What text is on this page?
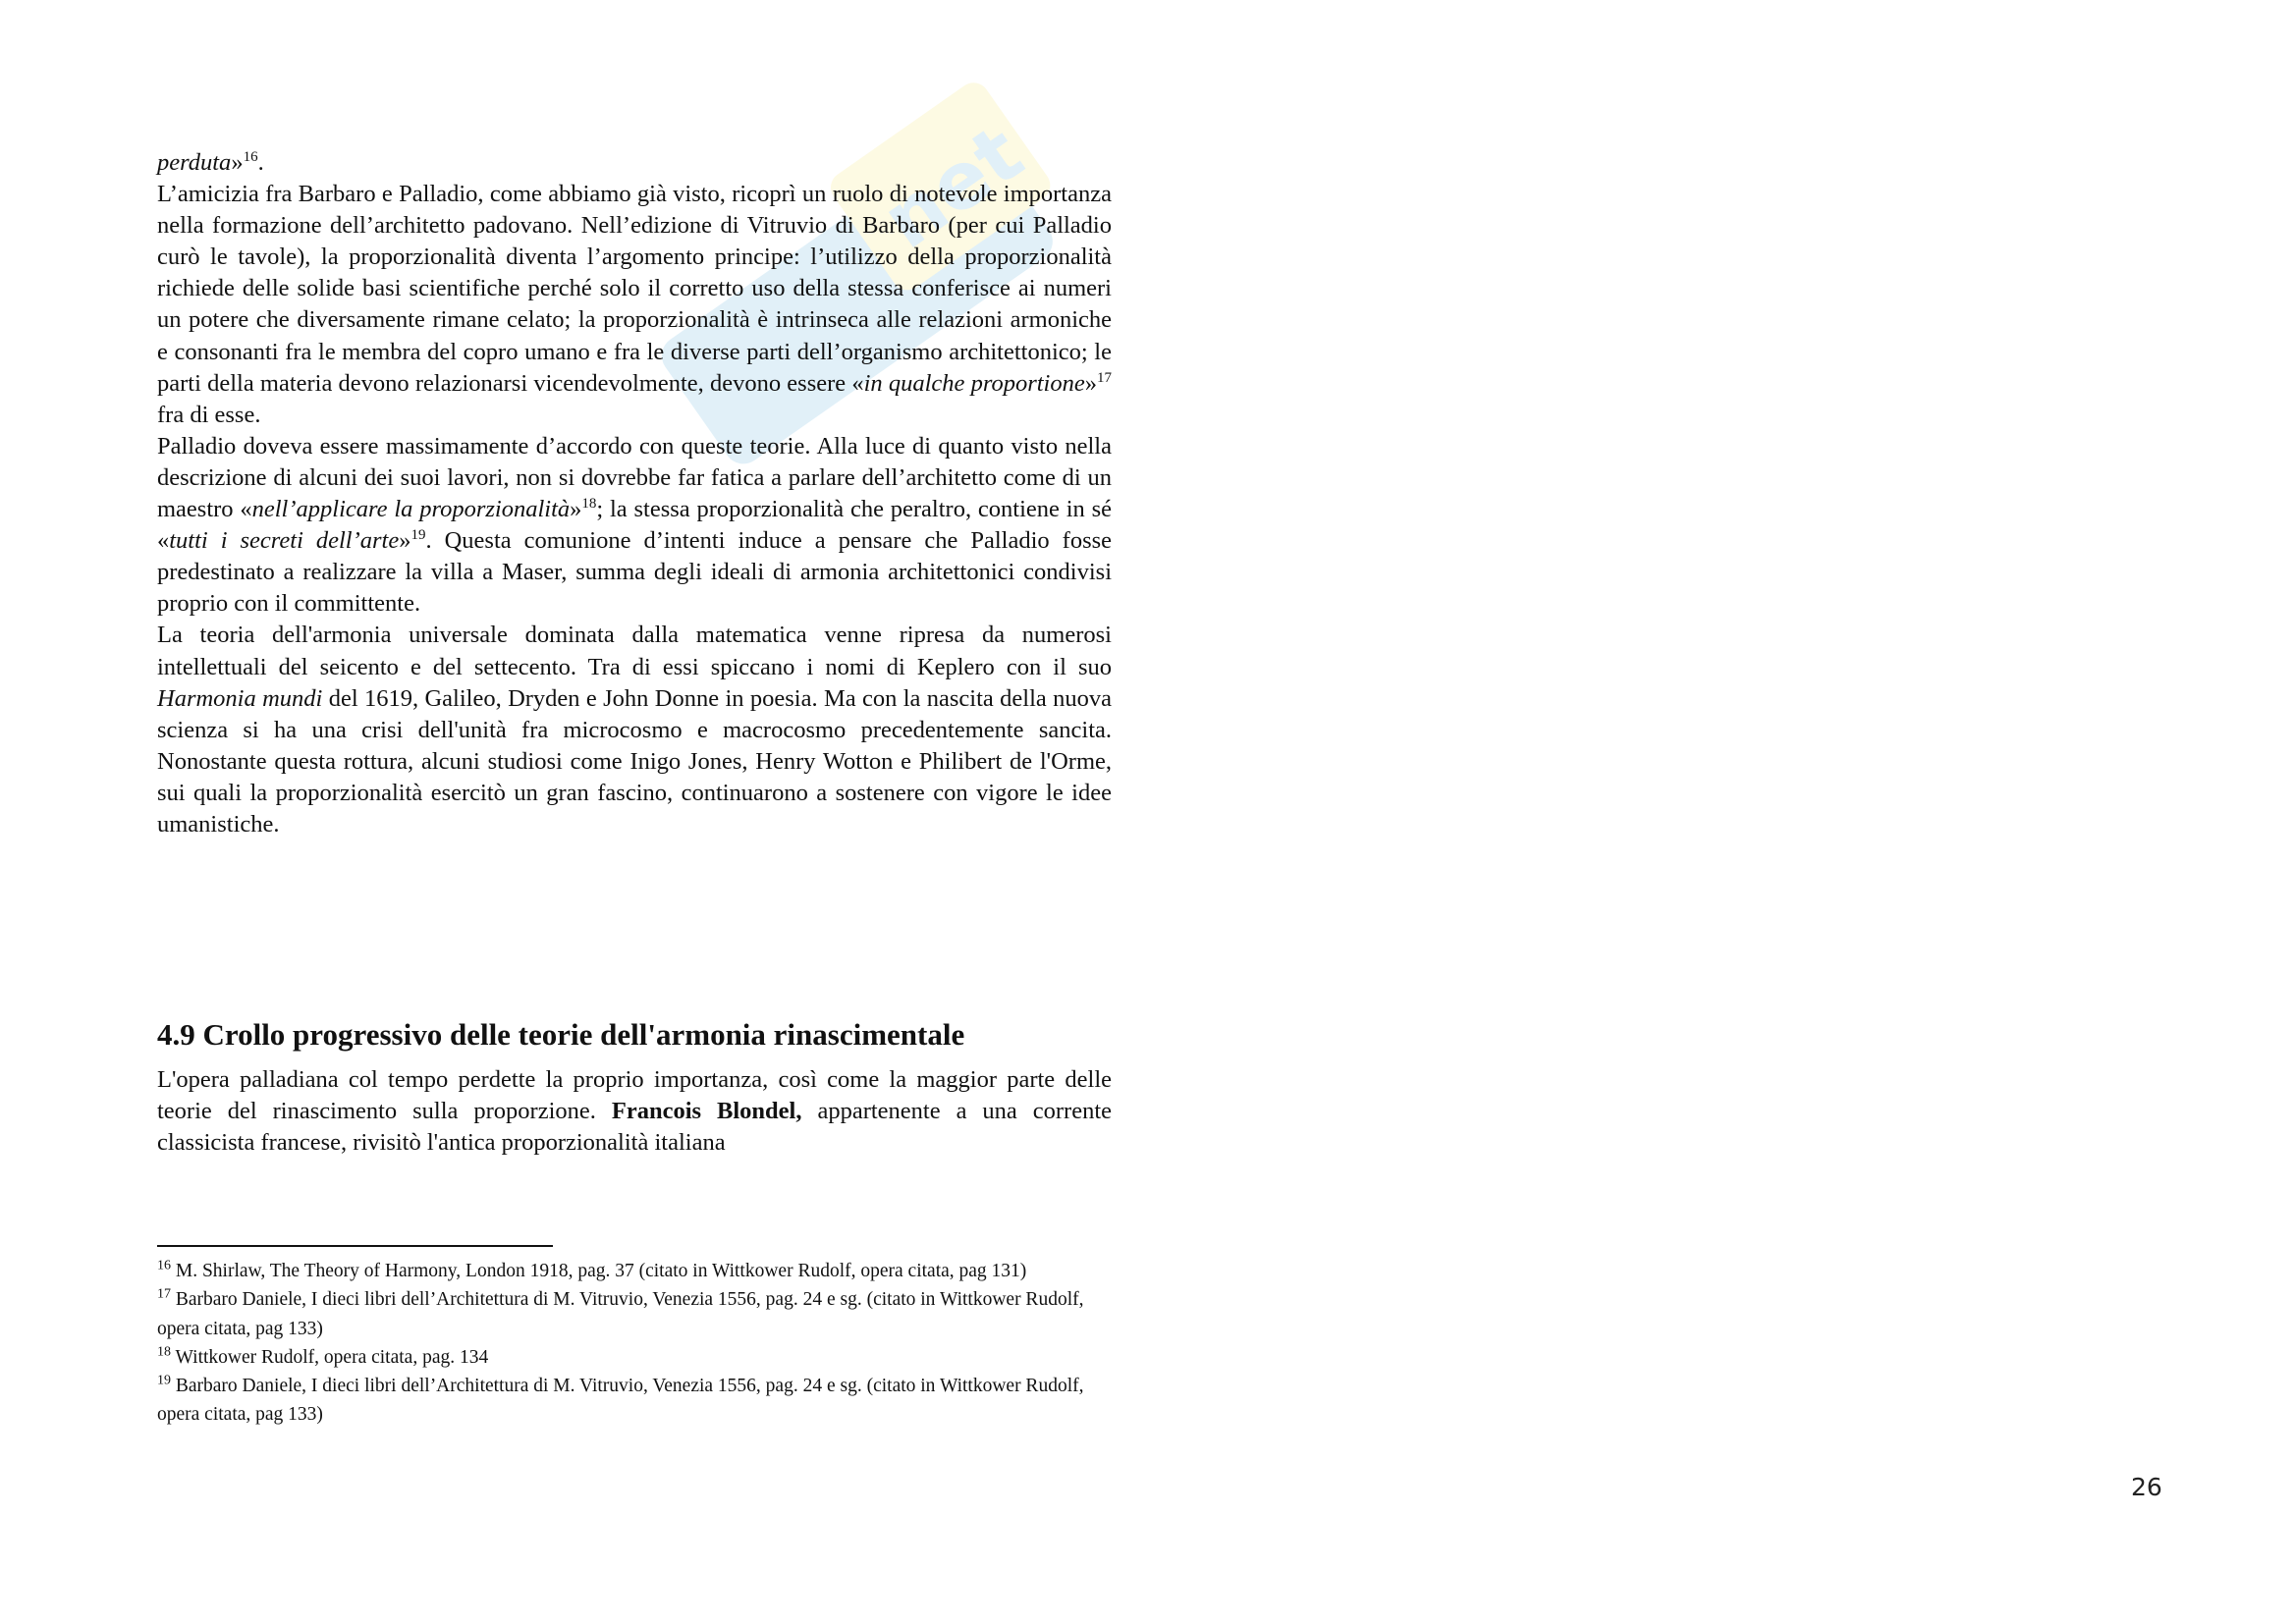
net

perduta»$^{16}$.

L’amicizia fra Barbaro e Palladio, come abbiamo già visto, ricoprì un ruolo di notevole importanza nella formazione dell’architetto padovano. Nell’edizione di Vitruvio di Barbaro (per cui Palladio curò le tavole), la proporzionalità diventa l’argomento principe: l’utilizzo della proporzionalità richiede delle solide basi scientifiche perché solo il corretto uso della stessa conferisce ai numeri un potere che diversamente rimane celato; la proporzionalità è intrinseca alle relazioni armoniche e consonanti fra le membra del copro umano e fra le diverse parti dell’organismo architettonico; le parti della materia devono relazionarsi vicendevolmente, devono essere «in qualche proportione»$^{17}$ fra di esse.

Palladio doveva essere massimamente d’accordo con queste teorie. Alla luce di quanto visto nella descrizione di alcuni dei suoi lavori, non si dovrebbe far fatica a parlare dell’architetto come di un maestro «nell’applicare la proporzionalità»$^{18}$; la stessa proporzionalità che peraltro, contiene in sé «tutti i secreti dell’arte»$^{19}$. Questa comunione d’intenti induce a pensare che Palladio fosse predestinato a realizzare la villa a Maser, summa degli ideali di armonia architettonici condivisi proprio con il committente.

La teoria dell'armonia universale dominata dalla matematica venne ripresa da numerosi intellettuali del seicento e del settecento. Tra di essi spiccano i nomi di Keplero con il suo Harmonia mundi del 1619, Galileo, Dryden e John Donne in poesia. Ma con la nascita della nuova scienza si ha una crisi dell'unità fra microcosmo e macrocosmo precedentemente sancita. Nonostante questa rottura, alcuni studiosi come Inigo Jones, Henry Wotton e Philibert de l'Orme, sui quali la proporzionalità esercitò un gran fascino, continuarono a sostenere con vigore le idee umanistiche.

4.9 Crollo progressivo delle teorie dell'armonia rinascimentale

L'opera palladiana col tempo perdette la proprio importanza, così come la maggior parte delle teorie del rinascimento sulla proporzione. Francois Blondel, appartenente a una corrente classicista francese, rivisitò l'antica proporzionalità italiana

$^{16}$ M. Shirlaw, The Theory of Harmony, London 1918, pag. 37 (citato in Wittkower Rudolf, opera citata, pag 131)

$^{17}$ Barbaro Daniele, I dieci libri dell’Architettura di M. Vitruvio, Venezia 1556, pag. 24 e sg. (citato in Wittkower Rudolf, opera citata, pag 133)

$^{18}$ Wittkower Rudolf, opera citata, pag. 134

$^{19}$ Barbaro Daniele, I dieci libri dell’Architettura di M. Vitruvio, Venezia 1556, pag. 24 e sg. (citato in Wittkower Rudolf, opera citata, pag 133)

26
